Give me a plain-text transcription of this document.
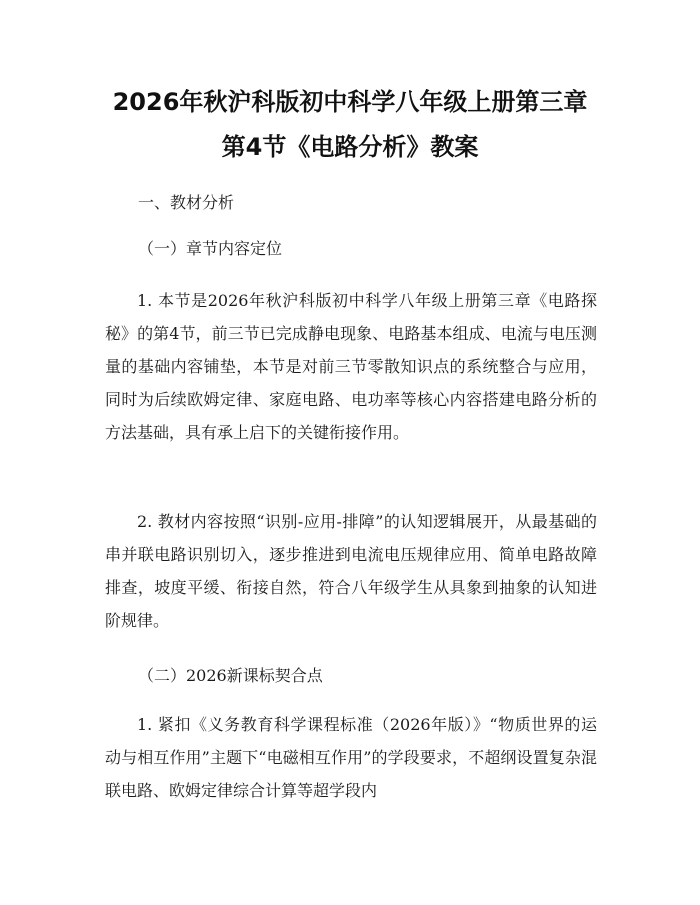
2026年秋沪科版初中科学八年级上册第三章
第4节《电路分析》教案
一、教材分析
（一）章节内容定位
1. 本节是2026年秋沪科版初中科学八年级上册第三章《电路探秘》的第4节，前三节已完成静电现象、电路基本组成、电流与电压测量的基础内容铺垫，本节是对前三节零散知识点的系统整合与应用，同时为后续欧姆定律、家庭电路、电功率等核心内容搭建电路分析的方法基础，具有承上启下的关键衔接作用。
2. 教材内容按照“识别-应用-排障”的认知逻辑展开，从最基础的串并联电路识别切入，逐步推进到电流电压规律应用、简单电路故障排查，坡度平缓、衔接自然，符合八年级学生从具象到抽象的认知进阶规律。
（二）2026新课标契合点
1. 紧扣《义务教育科学课程标准（2026年版）》“物质世界的运动与相互作用”主题下“电磁相互作用”的学段要求，不超纲设置复杂混联电路、欧姆定律综合计算等超学段内
